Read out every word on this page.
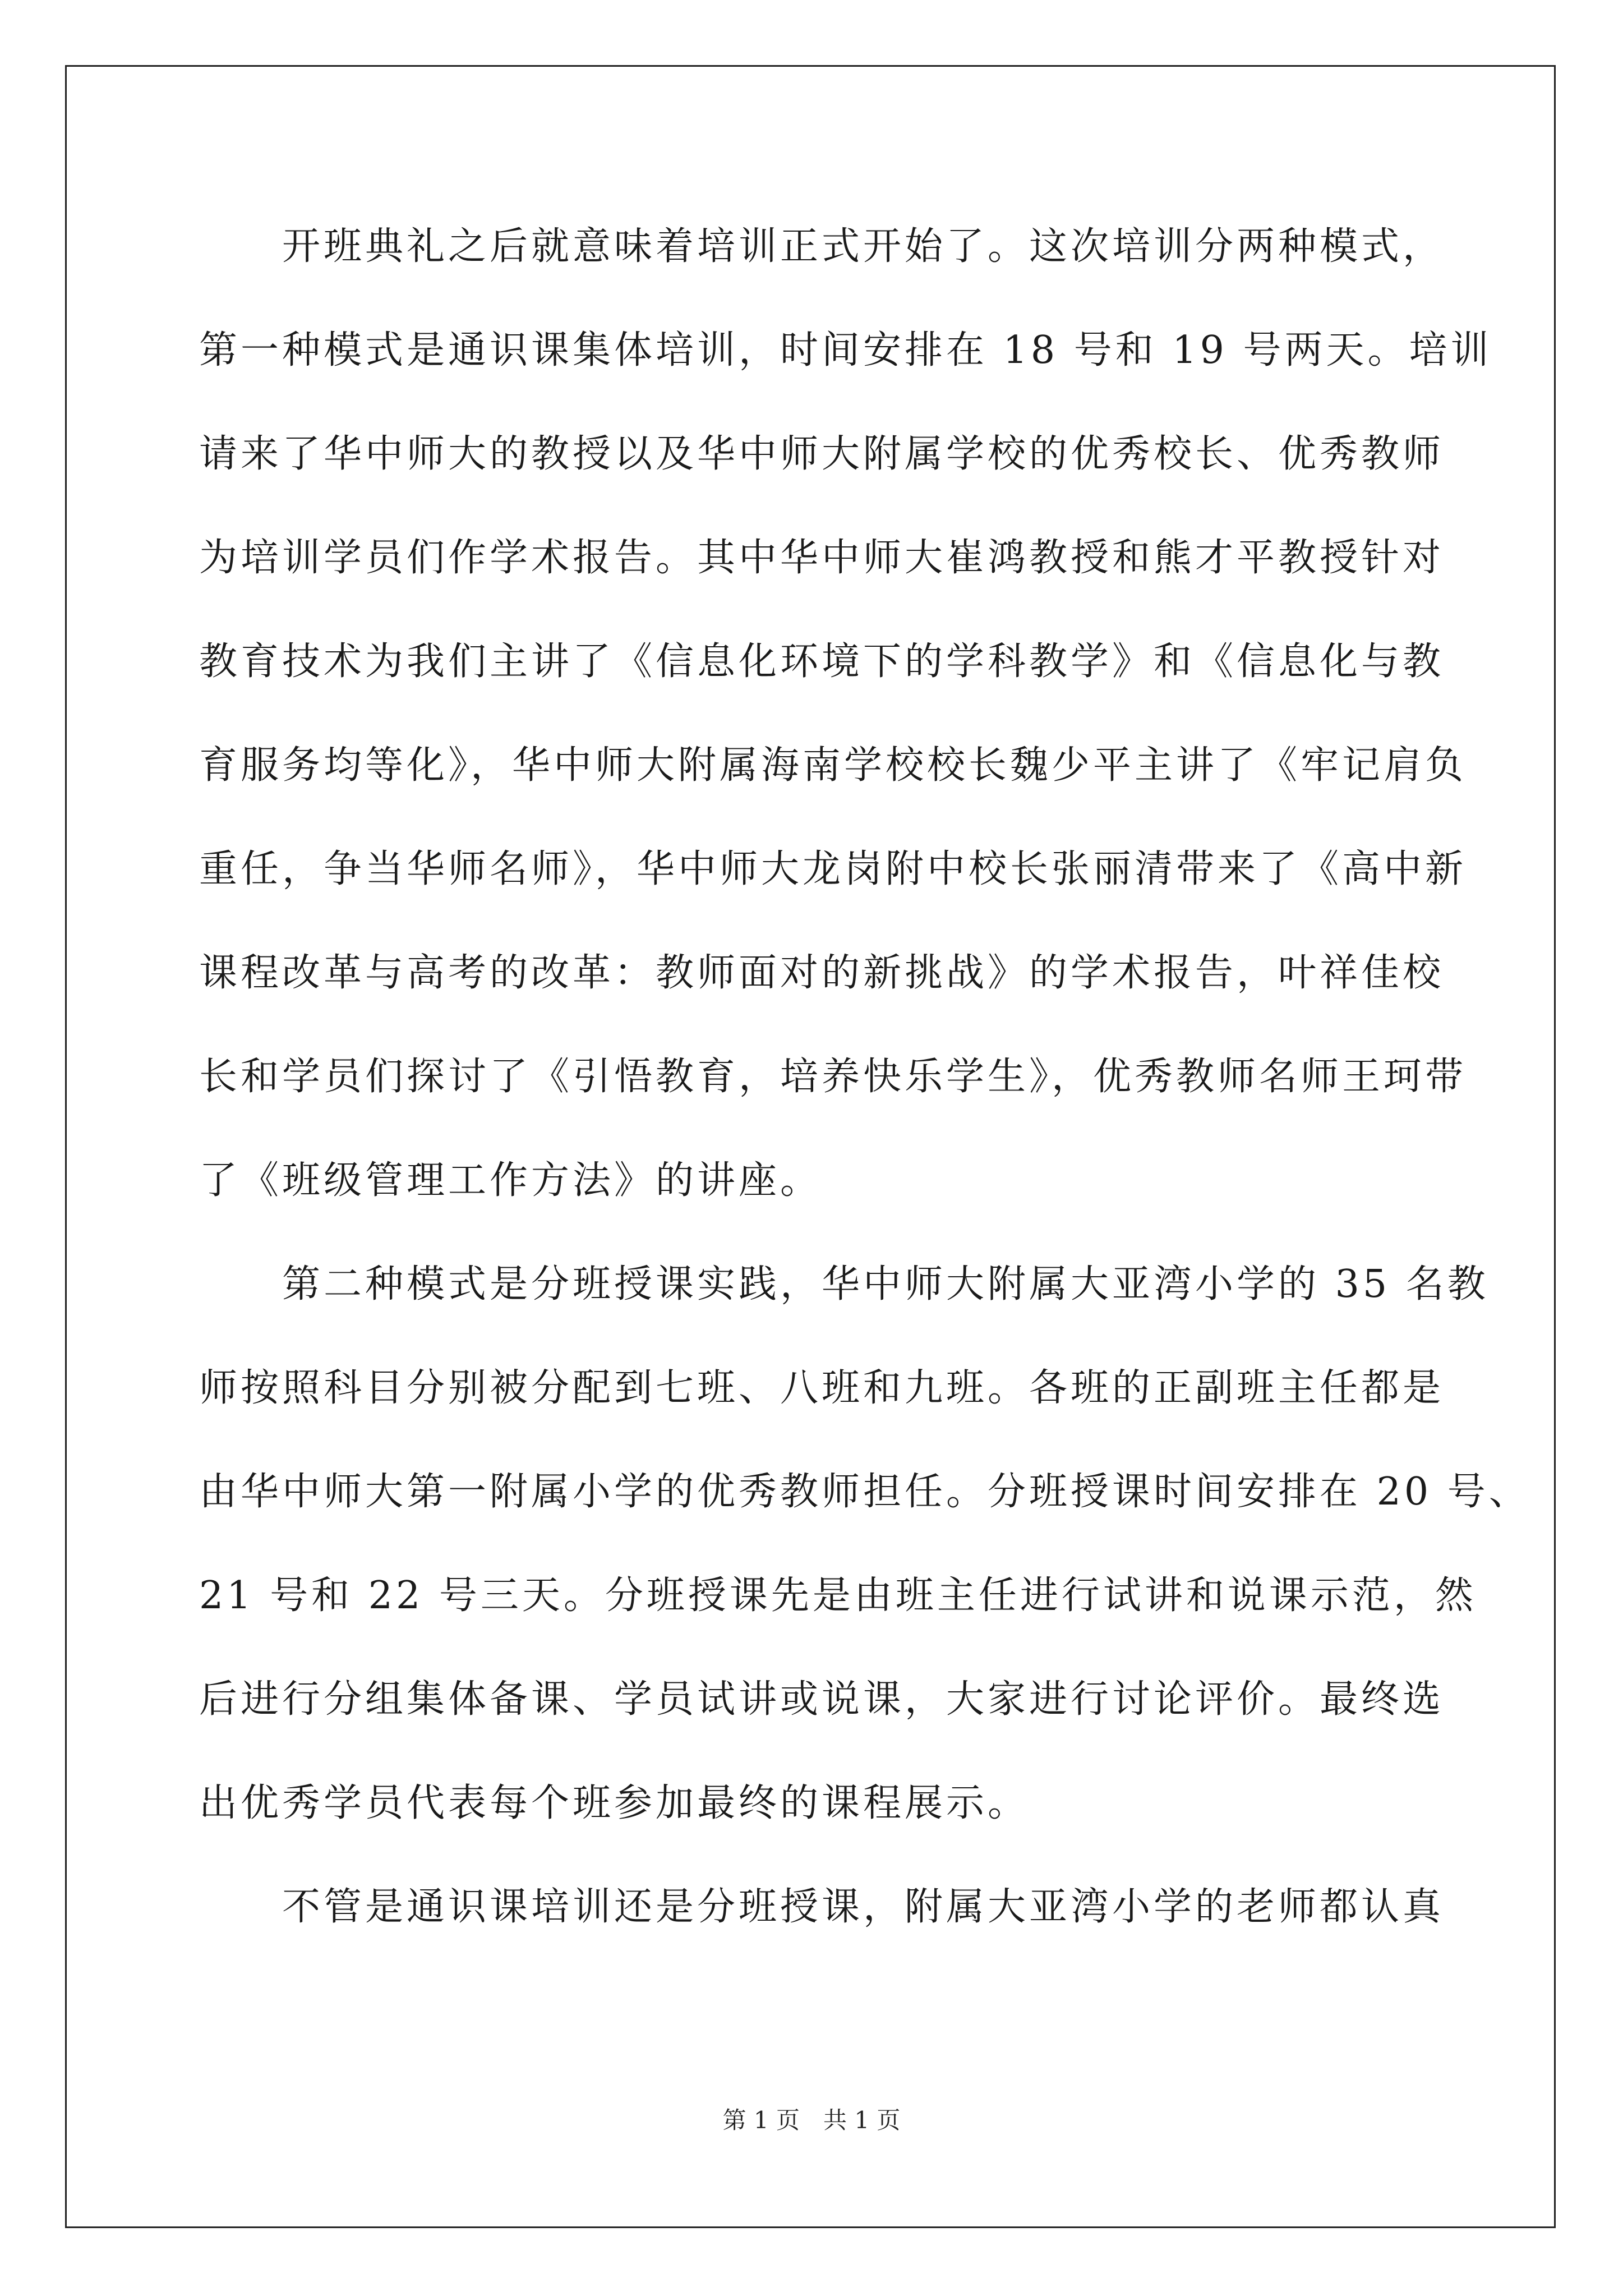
　　开班典礼之后就意味着培训正式开始了。这次培训分两种模式，
第一种模式是通识课集体培训，时间安排在 18 号和 19 号两天。培训
请来了华中师大的教授以及华中师大附属学校的优秀校长、优秀教师
为培训学员们作学术报告。其中华中师大崔鸿教授和熊才平教授针对
教育技术为我们主讲了《信息化环境下的学科教学》和《信息化与教
育服务均等化》，华中师大附属海南学校校长魏少平主讲了《牢记肩负
重任，争当华师名师》，华中师大龙岗附中校长张丽清带来了《高中新
课程改革与高考的改革：教师面对的新挑战》的学术报告，叶祥佳校
长和学员们探讨了《引悟教育，培养快乐学生》，优秀教师名师王珂带
了《班级管理工作方法》的讲座。
　　第二种模式是分班授课实践，华中师大附属大亚湾小学的 35 名教
师按照科目分别被分配到七班、八班和九班。各班的正副班主任都是
由华中师大第一附属小学的优秀教师担任。分班授课时间安排在 20 号、
21 号和 22 号三天。分班授课先是由班主任进行试讲和说课示范，然
后进行分组集体备课、学员试讲或说课，大家进行讨论评价。最终选
出优秀学员代表每个班参加最终的课程展示。
　　不管是通识课培训还是分班授课，附属大亚湾小学的老师都认真
第 1 页　共 1 页
